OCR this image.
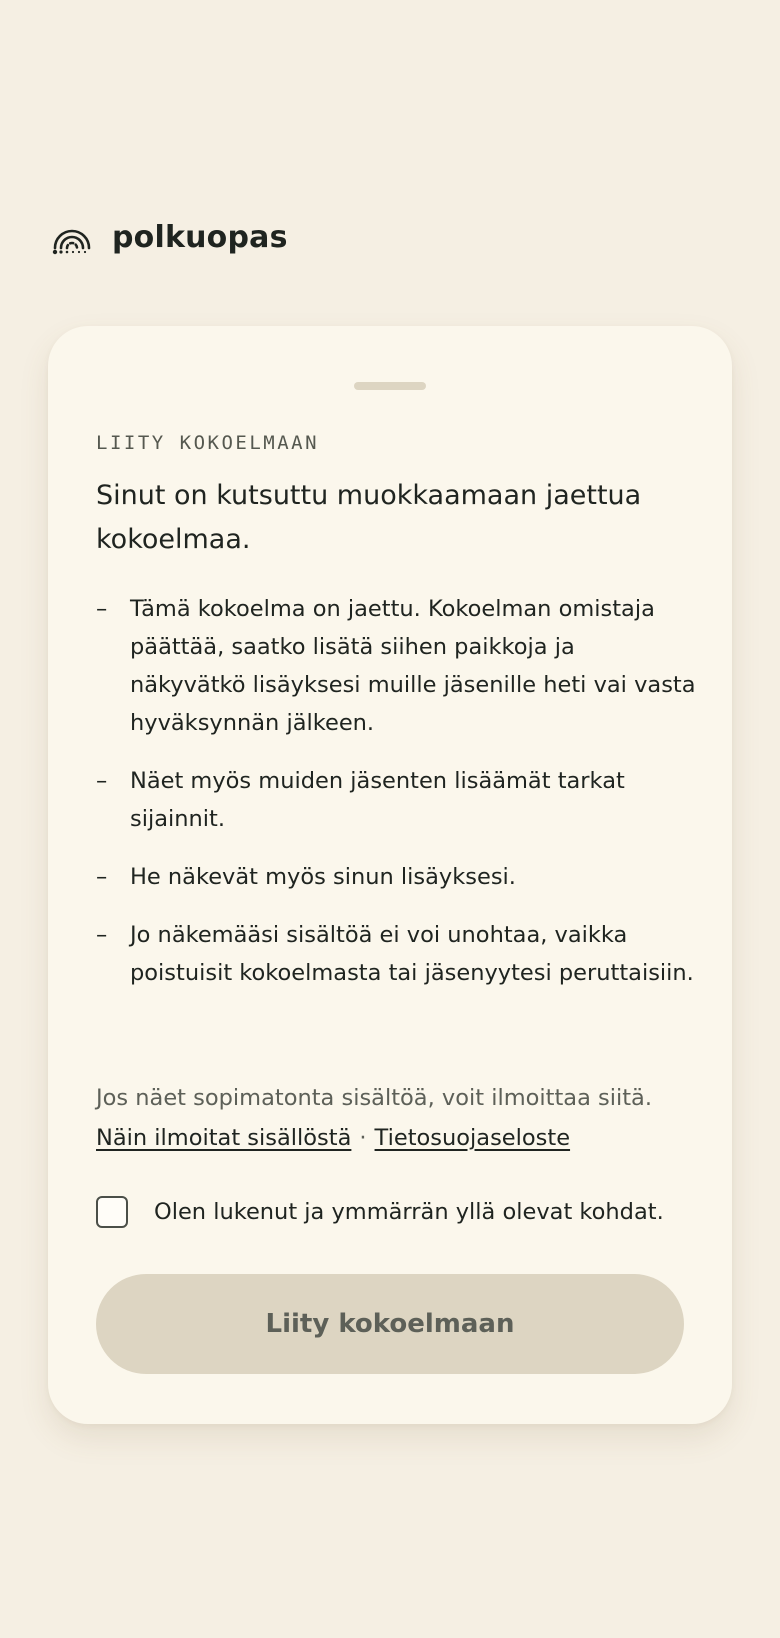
polkuopas
LIITY KOKOELMAAN
Sinut on kutsuttu muokkaamaan jaettua kokoelmaa.
– Tämä kokoelma on jaettu. Kokoelman omistaja päättää, saatko lisätä siihen paikkoja ja näkyvätkö lisäyksesi muille jäsenille heti vai vasta hyväksynnän jälkeen.
– Näet myös muiden jäsenten lisäämät tarkat sijainnit.
– He näkevät myös sinun lisäyksesi.
– Jo näkemääsi sisältöä ei voi unohtaa, vaikka poistuisit kokoelmasta tai jäsenyytesi peruttaisiin.
Jos näet sopimatonta sisältöä, voit ilmoittaa siitä.
Näin ilmoitat sisällöstä · Tietosuojaseloste
Olen lukenut ja ymmärrän yllä olevat kohdat.
Liity kokoelmaan
